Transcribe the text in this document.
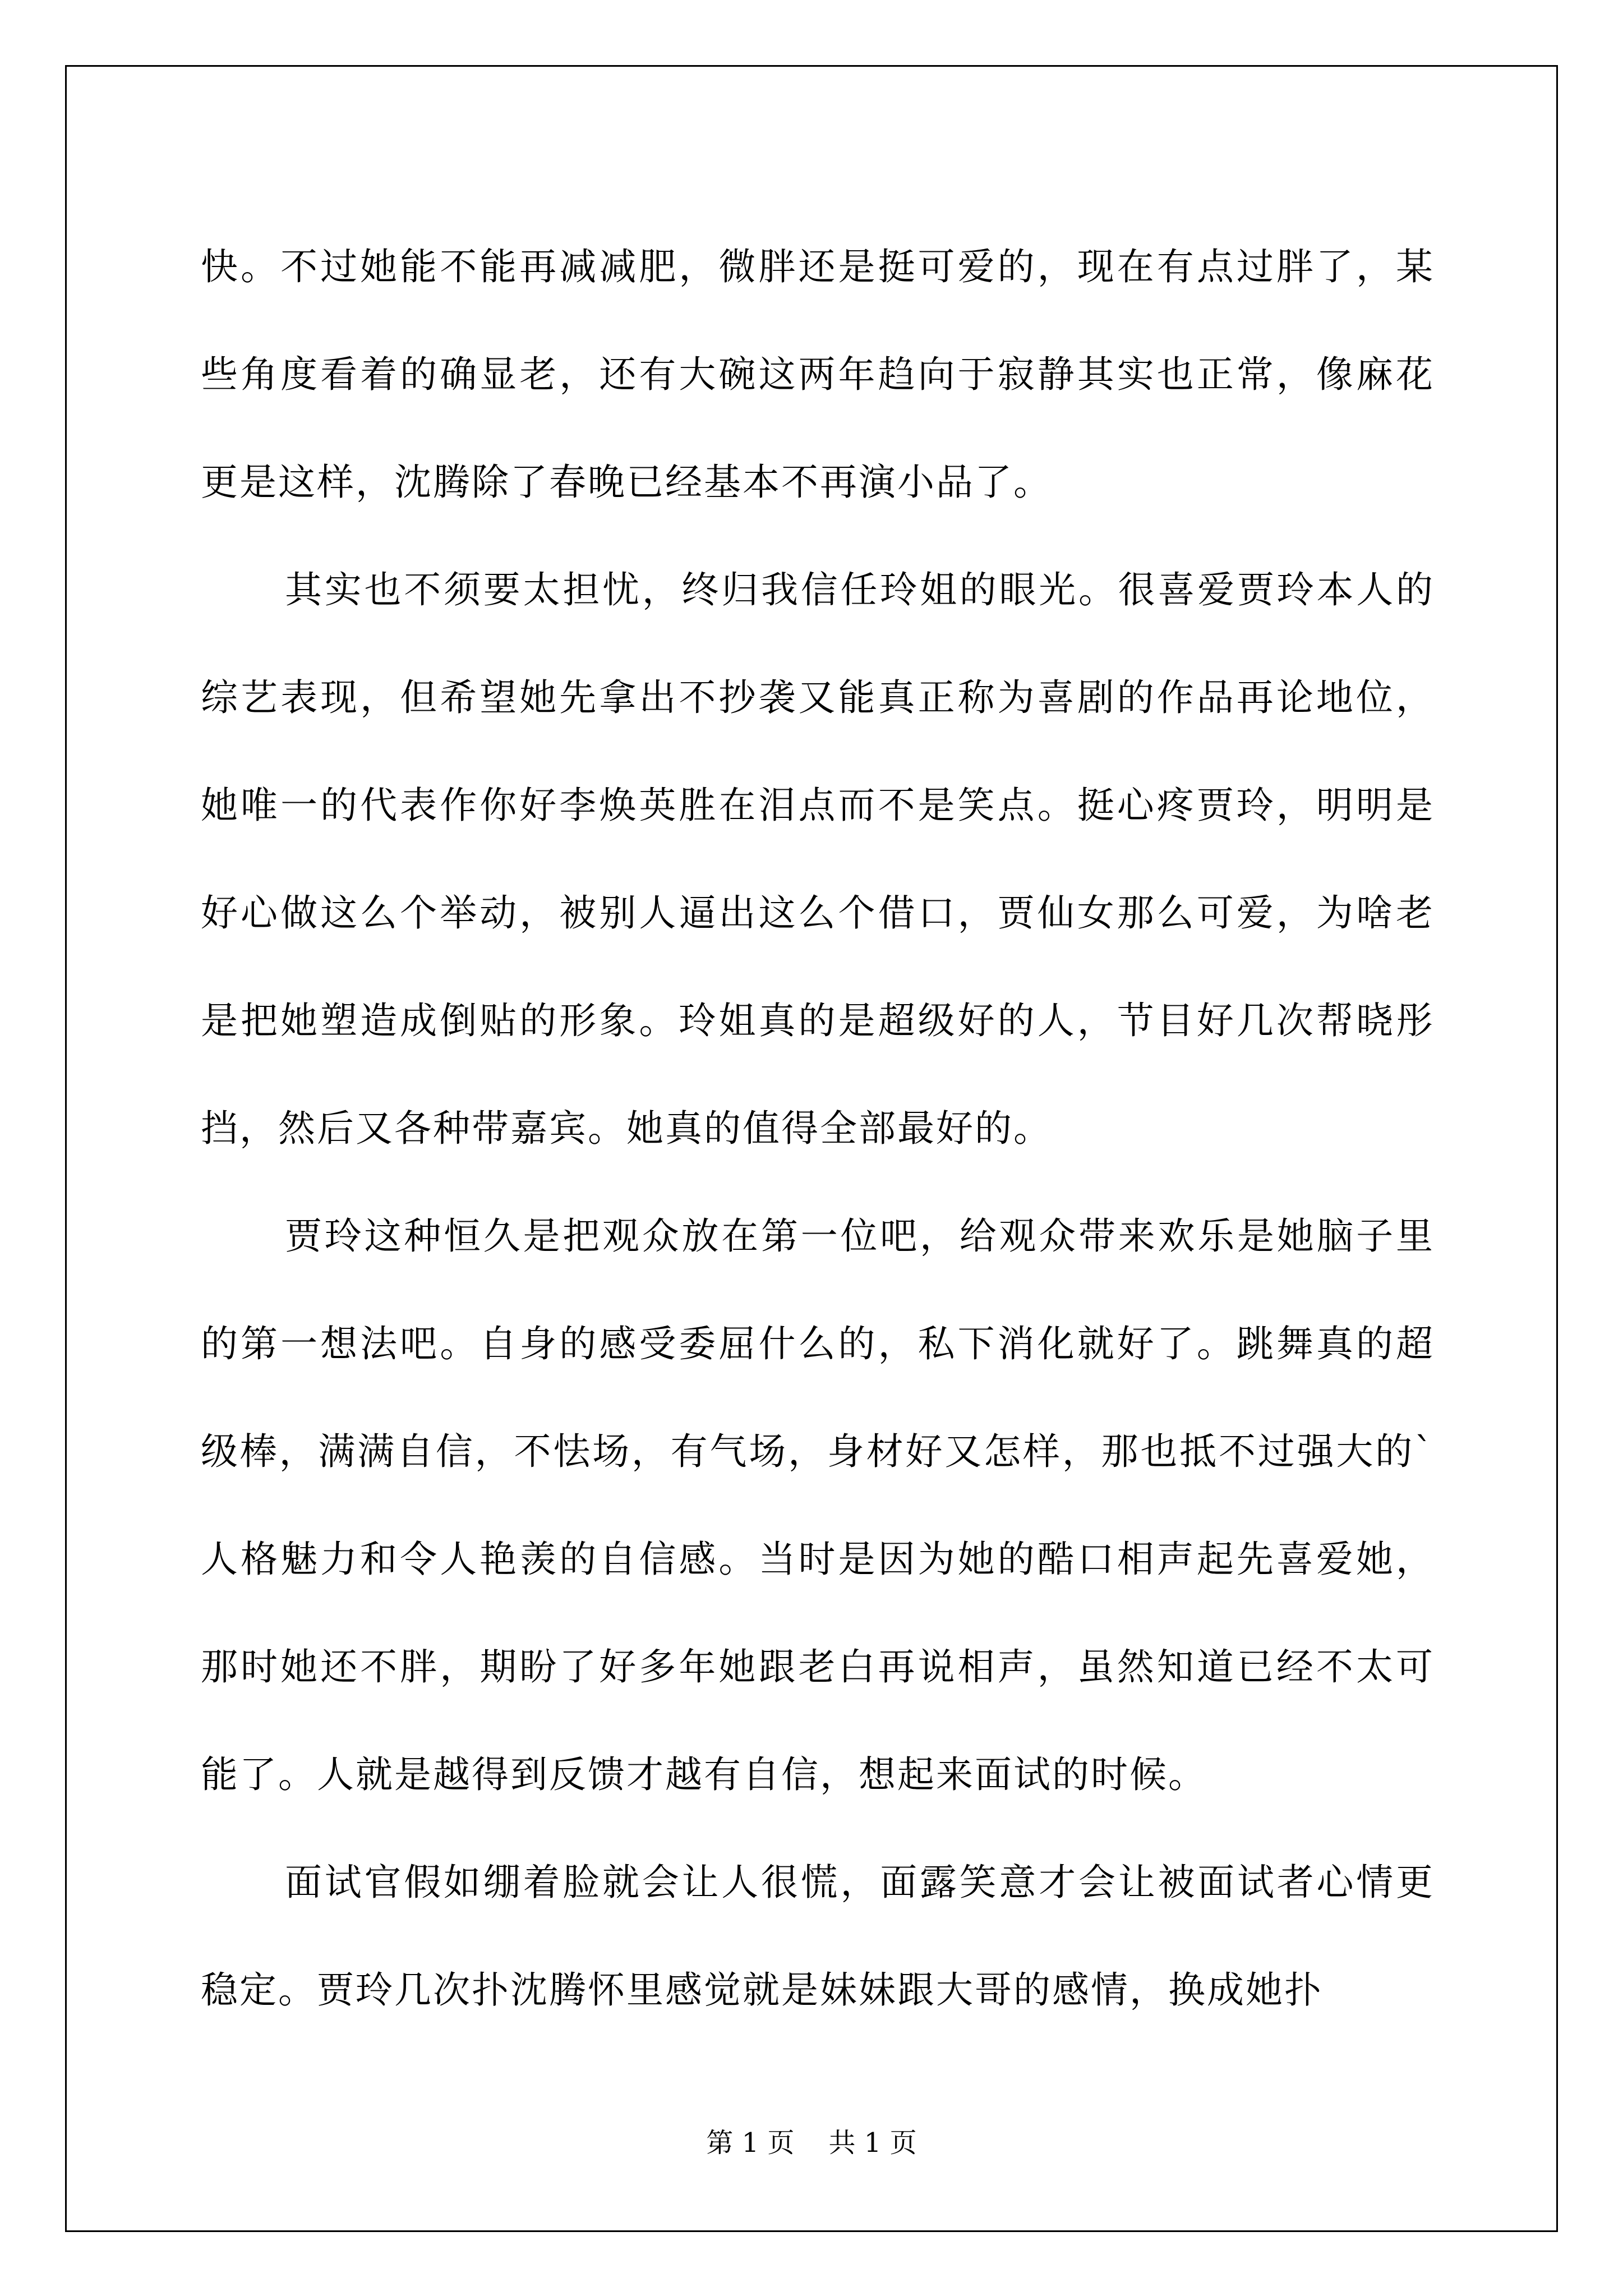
快。不过她能不能再减减肥，微胖还是挺可爱的，现在有点过胖了，某些角度看着的确显老，还有大碗这两年趋向于寂静其实也正常，像麻花更是这样，沈腾除了春晚已经基本不再演小品了。

其实也不须要太担忧，终归我信任玲姐的眼光。很喜爱贾玲本人的综艺表现，但希望她先拿出不抄袭又能真正称为喜剧的作品再论地位，她唯一的代表作你好李焕英胜在泪点而不是笑点。挺心疼贾玲，明明是好心做这么个举动，被别人逼出这么个借口，贾仙女那么可爱，为啥老是把她塑造成倒贴的形象。玲姐真的是超级好的人，节目好几次帮晓彤挡，然后又各种带嘉宾。她真的值得全部最好的。

贾玲这种恒久是把观众放在第一位吧，给观众带来欢乐是她脑子里的第一想法吧。自身的感受委屈什么的，私下消化就好了。跳舞真的超级棒，满满自信，不怯场，有气场，身材好又怎样，那也抵不过强大的`人格魅力和令人艳羡的自信感。当时是因为她的酷口相声起先喜爱她，那时她还不胖，期盼了好多年她跟老白再说相声，虽然知道已经不太可能了。人就是越得到反馈才越有自信，想起来面试的时候。

面试官假如绷着脸就会让人很慌，面露笑意才会让被面试者心情更稳定。贾玲几次扑沈腾怀里感觉就是妹妹跟大哥的感情，换成她扑

第 1 页    共 1 页
